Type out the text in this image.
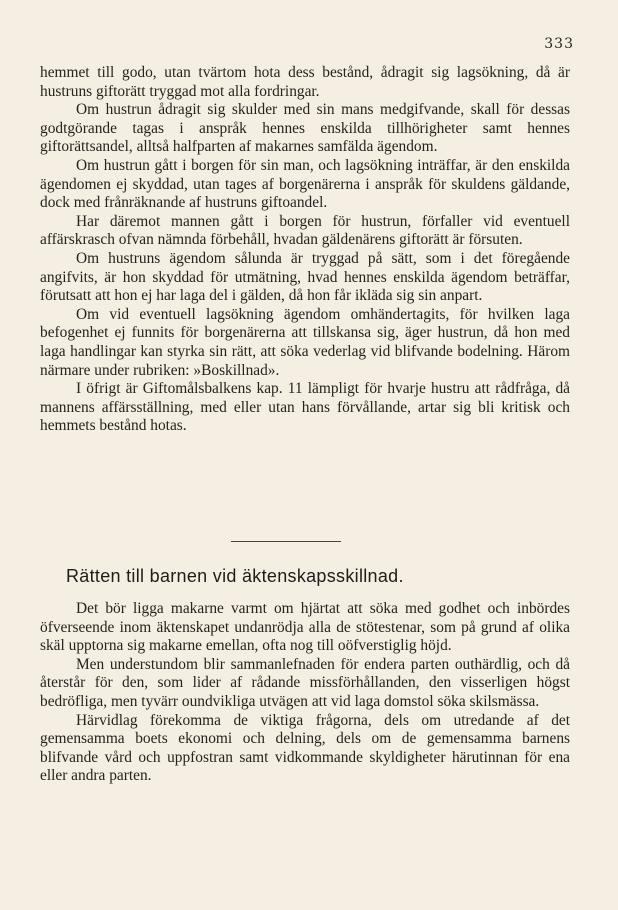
333

hemmet till godo, utan tvärtom hota dess bestånd, ådragit sig lagsökning, då är hustruns giftorätt tryggad mot alla fordringar.

Om hustrun ådragit sig skulder med sin mans medgifvande, skall för dessas godtgörande tagas i anspråk hennes enskilda tillhörigheter samt hennes giftorättsandel, alltså halfparten af makarnes samfälda ägendom.

Om hustrun gått i borgen för sin man, och lagsökning inträffar, är den enskilda ägendomen ej skyddad, utan tages af borgenärerna i anspråk för skuldens gäldande, dock med frånräknande af hustruns giftoandel.

Har däremot mannen gått i borgen för hustrun, förfaller vid eventuell affärskrasch ofvan nämnda förbehåll, hvadan gäldenärens giftorätt är försuten.

Om hustruns ägendom sålunda är tryggad på sätt, som i det föregående angifvits, är hon skyddad för utmätning, hvad hennes enskilda ägendom beträffar, förutsatt att hon ej har laga del i gälden, då hon får ikläda sig sin anpart.

Om vid eventuell lagsökning ägendom omhändertagits, för hvilken laga befogenhet ej funnits för borgenärerna att tillskansa sig, äger hustrun, då hon med laga handlingar kan styrka sin rätt, att söka vederlag vid blifvande bodelning. Härom närmare under rubriken: »Boskillnad».

I öfrigt är Giftomålsbalkens kap. 11 lämpligt för hvarje hustru att rådfråga, då mannens affärsställning, med eller utan hans förvållande, artar sig bli kritisk och hemmets bestånd hotas.

Rätten till barnen vid äktenskapsskillnad.

Det bör ligga makarne varmt om hjärtat att söka med godhet och inbördes öfverseende inom äktenskapet undanrödja alla de stötestenar, som på grund af olika skäl upptorna sig makarne emellan, ofta nog till oöfverstiglig höjd.

Men understundom blir sammanlefnaden för endera parten outhärdlig, och då återstår för den, som lider af rådande missförhållanden, den visserligen högst bedröfliga, men tyvärr oundvikliga utvägen att vid laga domstol söka skilsmässa.

Härvidlag förekomma de viktiga frågorna, dels om utredande af det gemensamma boets ekonomi och delning, dels om de gemensamma barnens blifvande vård och uppfostran samt vidkommande skyldigheter härutinnan för ena eller andra parten.
